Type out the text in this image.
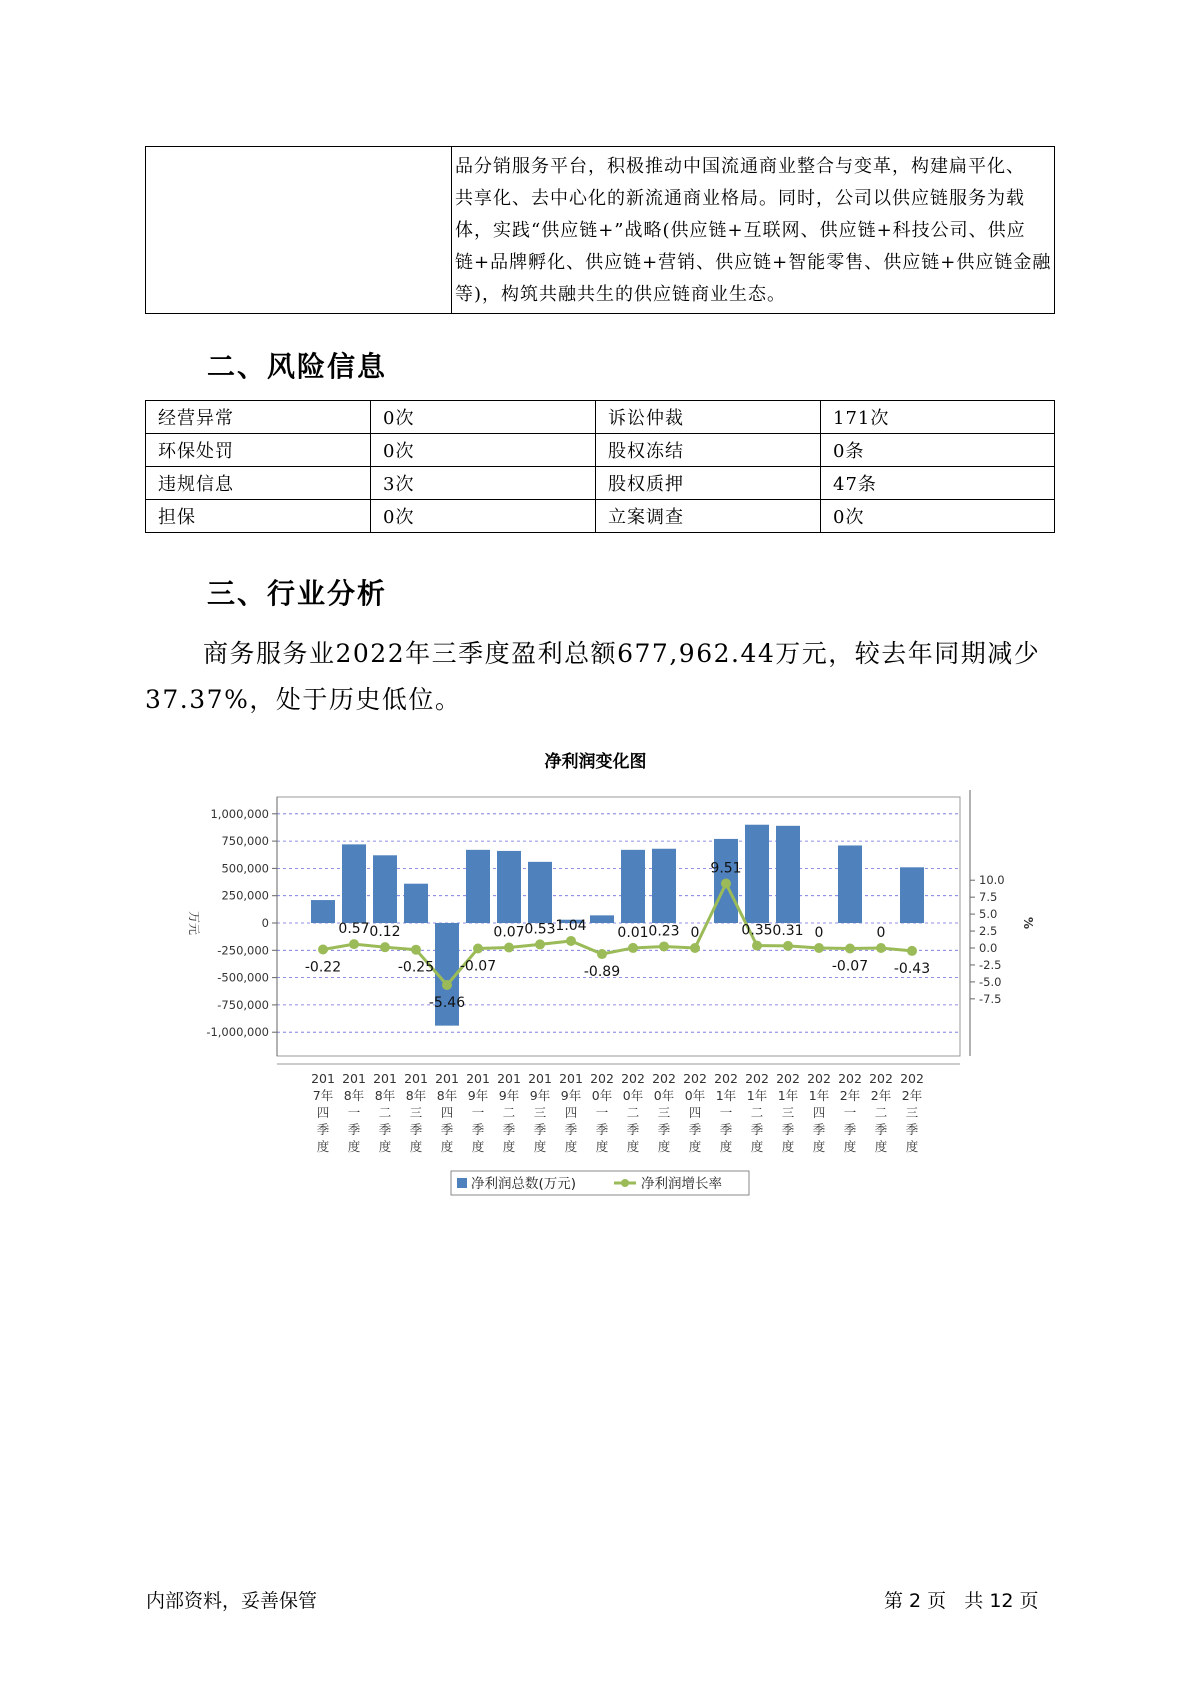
品分销服务平台，积极推动中国流通商业整合与变革，构建扁平化、
共享化、去中心化的新流通商业格局。同时，公司以供应链服务为载
体，实践“供应链+”战略(供应链+互联网、供应链+科技公司、供应
链+品牌孵化、供应链+营销、供应链+智能零售、供应链+供应链金融
等)，构筑共融共生的供应链商业生态。
二、风险信息
经营异常	0次	诉讼仲裁	171次
环保处罚	0次	股权冻结	0条
违规信息	3次	股权质押	47条
担保	0次	立案调查	0次
三、行业分析

商务服务业2022年三季度盈利总额677,962.44万元，较去年同期减少37.37%，处于历史低位。

净利润变化图
1,000,000
750,000
500,000
250,000
0
-250,000
-500,000
-750,000
-1,000,000
万元
10.0
7.5
5.0
2.5
0.0
-2.5
-5.0
-7.5
%
-0.22
0.57 0.12
-0.25
-5.46
-0.07
0.07 0.53 1.04
-0.89
0.01 0.23 0
9.51
0.35 0.31 0
-0.07
0
-0.43
201
7年
四
季
度
201
8年
一
季
度
201
8年
二
季
度
201
8年
三
季
度
201
8年
四
季
度
201
9年
一
季
度
201
9年
二
季
度
201
9年
三
季
度
201
9年
四
季
度
202
0年
一
季
度
202
0年
二
季
度
202
0年
三
季
度
202
0年
四
季
度
202
1年
一
季
度
202
1年
二
季
度
202
1年
三
季
度
202
1年
四
季
度
202
2年
一
季
度
202
2年
二
季
度
202
2年
三
季
度
净利润总数(万元)	净利润增长率
内部资料，妥善保管	第 2 页   共 12 页
